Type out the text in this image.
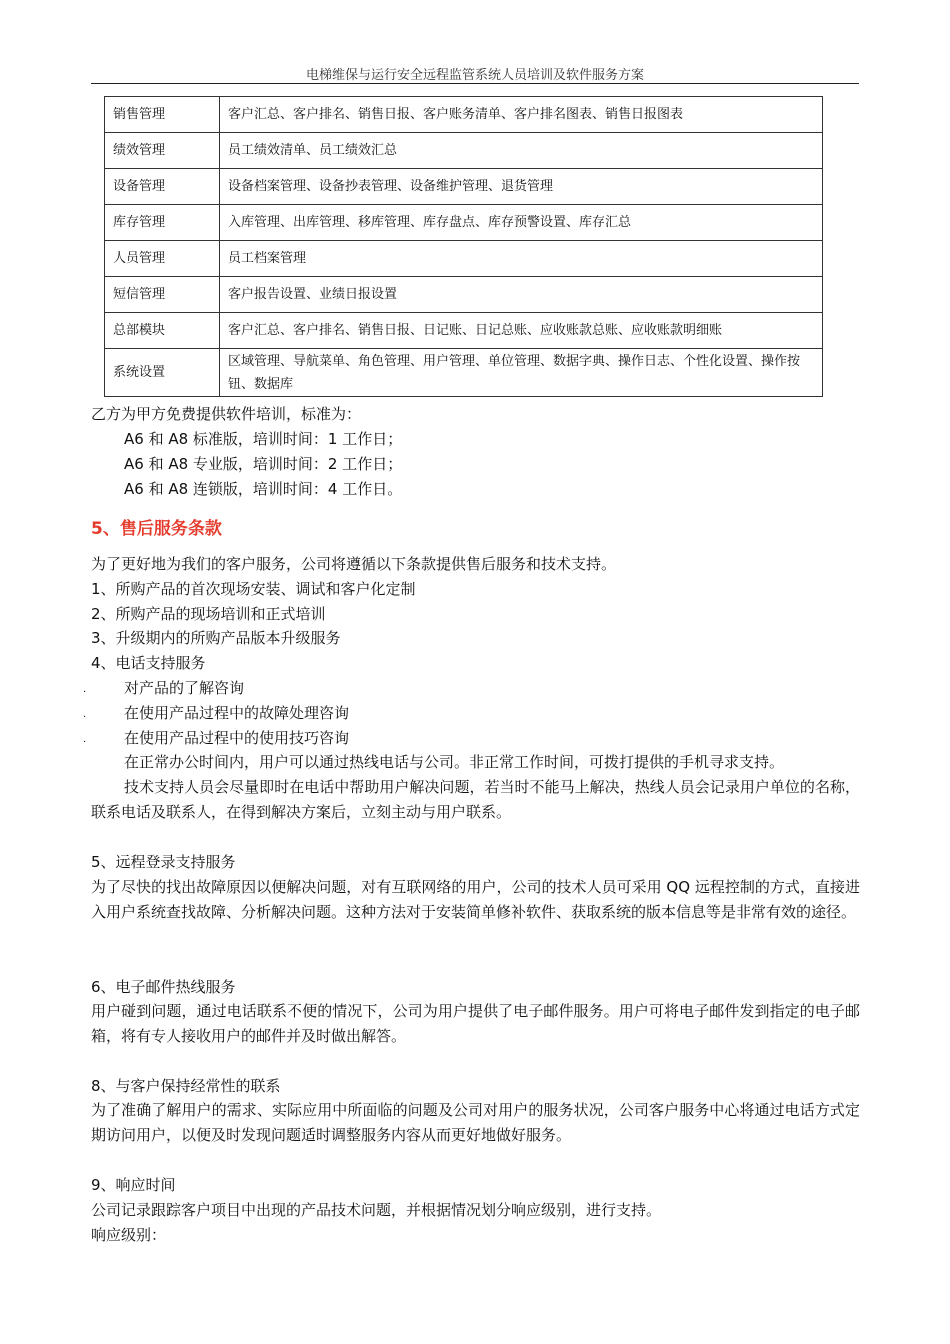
电梯维保与运行安全远程监管系统人员培训及软件服务方案
销售管理	客户汇总、客户排名、销售日报、客户账务清单、客户排名图表、销售日报图表
绩效管理	员工绩效清单、员工绩效汇总
设备管理	设备档案管理、设备抄表管理、设备维护管理、退货管理
库存管理	入库管理、出库管理、移库管理、库存盘点、库存预警设置、库存汇总
人员管理	员工档案管理
短信管理	客户报告设置、业绩日报设置
总部模块	客户汇总、客户排名、销售日报、日记账、日记总账、应收账款总账、应收账款明细账
系统设置	区域管理、导航菜单、角色管理、用户管理、单位管理、数据字典、操作日志、个性化设置、操作按钮、数据库
乙方为甲方免费提供软件培训，标准为：
A6 和 A8 标准版，培训时间：1 工作日；
A6 和 A8 专业版，培训时间：2 工作日；
A6 和 A8 连锁版，培训时间：4 工作日。
5、售后服务条款
为了更好地为我们的客户服务，公司将遵循以下条款提供售后服务和技术支持。
1、所购产品的首次现场安装、调试和客户化定制
2、所购产品的现场培训和正式培训
3、升级期内的所购产品版本升级服务
4、电话支持服务
.	对产品的了解咨询
.	在使用产品过程中的故障处理咨询
.	在使用产品过程中的使用技巧咨询
在正常办公时间内，用户可以通过热线电话与公司。非正常工作时间，可拨打提供的手机寻求支持。
技术支持人员会尽量即时在电话中帮助用户解决问题，若当时不能马上解决，热线人员会记录用户单位的名称，联系电话及联系人，在得到解决方案后，立刻主动与用户联系。
5、远程登录支持服务
为了尽快的找出故障原因以便解决问题，对有互联网络的用户，公司的技术人员可采用 QQ 远程控制的方式，直接进入用户系统查找故障、分析解决问题。这种方法对于安装简单修补软件、获取系统的版本信息等是非常有效的途径。
6、电子邮件热线服务
用户碰到问题，通过电话联系不便的情况下，公司为用户提供了电子邮件服务。用户可将电子邮件发到指定的电子邮箱，将有专人接收用户的邮件并及时做出解答。
8、与客户保持经常性的联系
为了准确了解用户的需求、实际应用中所面临的问题及公司对用户的服务状况，公司客户服务中心将通过电话方式定期访问用户，以便及时发现问题适时调整服务内容从而更好地做好服务。
9、响应时间
公司记录跟踪客户项目中出现的产品技术问题，并根据情况划分响应级别，进行支持。
响应级别：
